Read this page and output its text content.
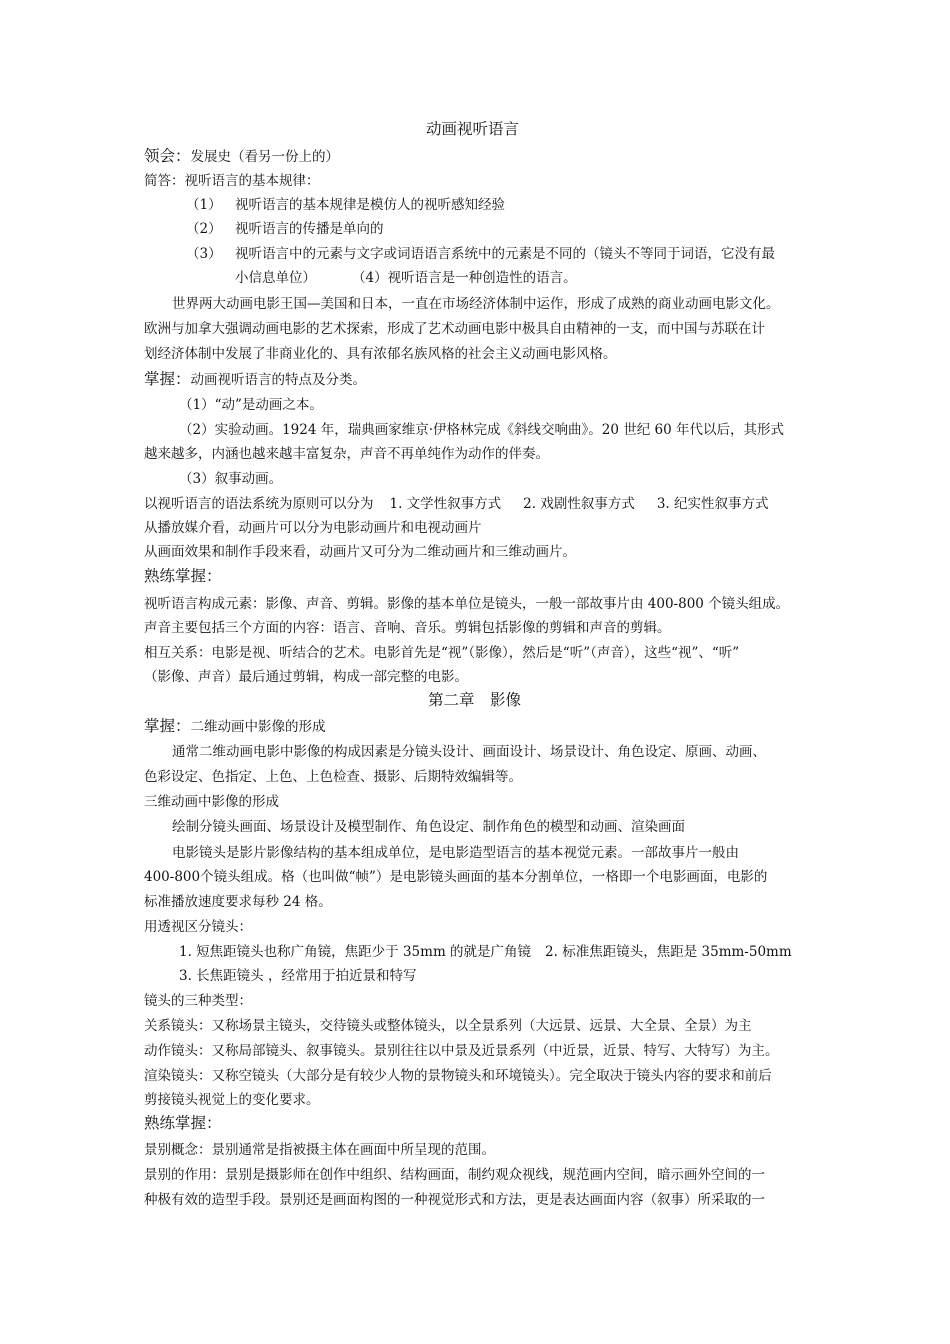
动画视听语言
领会：发展史（看另一份上的）
简答：视听语言的基本规律：
（1） 视听语言的基本规律是模仿人的视听感知经验
（2） 视听语言的传播是单向的
（3） 视听语言中的元素与文字或词语语言系统中的元素是不同的（镜头不等同于词语，它没有最
小信息单位）	（4）视听语言是一种创造性的语言。
世界两大动画电影王国—美国和日本，一直在市场经济体制中运作，形成了成熟的商业动画电影文化。
欧洲与加拿大强调动画电影的艺术探索，形成了艺术动画电影中极具自由精神的一支，而中国与苏联在计
划经济体制中发展了非商业化的、具有浓郁名族风格的社会主义动画电影风格。
掌握：动画视听语言的特点及分类。
（1）“动”是动画之本。
（2）实验动画。1924 年，瑞典画家维京·伊格林完成《斜线交响曲》。20 世纪 60 年代以后，其形式
越来越多，内涵也越来越丰富复杂，声音不再单纯作为动作的伴奏。
（3）叙事动画。
以视听语言的语法系统为原则可以分为 1. 文学性叙事方式 2. 戏剧性叙事方式 3. 纪实性叙事方式
从播放媒介看，动画片可以分为电影动画片和电视动画片
从画面效果和制作手段来看，动画片又可分为二维动画片和三维动画片。
熟练掌握：
视听语言构成元素：影像、声音、剪辑。影像的基本单位是镜头，一般一部故事片由 400-800 个镜头组成。
声音主要包括三个方面的内容：语言、音响、音乐。剪辑包括影像的剪辑和声音的剪辑。
相互关系：电影是视、听结合的艺术。电影首先是“视”（影像），然后是“听”（声音），这些“视”、“听”
（影像、声音）最后通过剪辑，构成一部完整的电影。
第二章　影像
掌握：二维动画中影像的形成
通常二维动画电影中影像的构成因素是分镜头设计、画面设计、场景设计、角色设定、原画、动画、
色彩设定、色指定、上色、上色检查、摄影、后期特效编辑等。
三维动画中影像的形成
绘制分镜头画面、场景设计及模型制作、角色设定、制作角色的模型和动画、渲染画面
电影镜头是影片影像结构的基本组成单位，是电影造型语言的基本视觉元素。一部故事片一般由
400-800个镜头组成。格（也叫做“帧”）是电影镜头画面的基本分割单位，一格即一个电影画面，电影的
标准播放速度要求每秒 24 格。
用透视区分镜头：
1. 短焦距镜头也称广角镜，焦距少于 35mm 的就是广角镜 2. 标准焦距镜头，焦距是 35mm-50mm
3. 长焦距镜头 ，经常用于拍近景和特写
镜头的三种类型：
关系镜头：又称场景主镜头，交待镜头或整体镜头，以全景系列（大远景、远景、大全景、全景）为主
动作镜头：又称局部镜头、叙事镜头。景别往往以中景及近景系列（中近景，近景、特写、大特写）为主。
渲染镜头：又称空镜头（大部分是有较少人物的景物镜头和环境镜头）。完全取决于镜头内容的要求和前后
剪接镜头视觉上的变化要求。
熟练掌握：
景别概念：景别通常是指被摄主体在画面中所呈现的范围。
景别的作用：景别是摄影师在创作中组织、结构画面，制约观众视线，规范画内空间，暗示画外空间的一
种极有效的造型手段。景别还是画面构图的一种视觉形式和方法，更是表达画面内容（叙事）所采取的一
